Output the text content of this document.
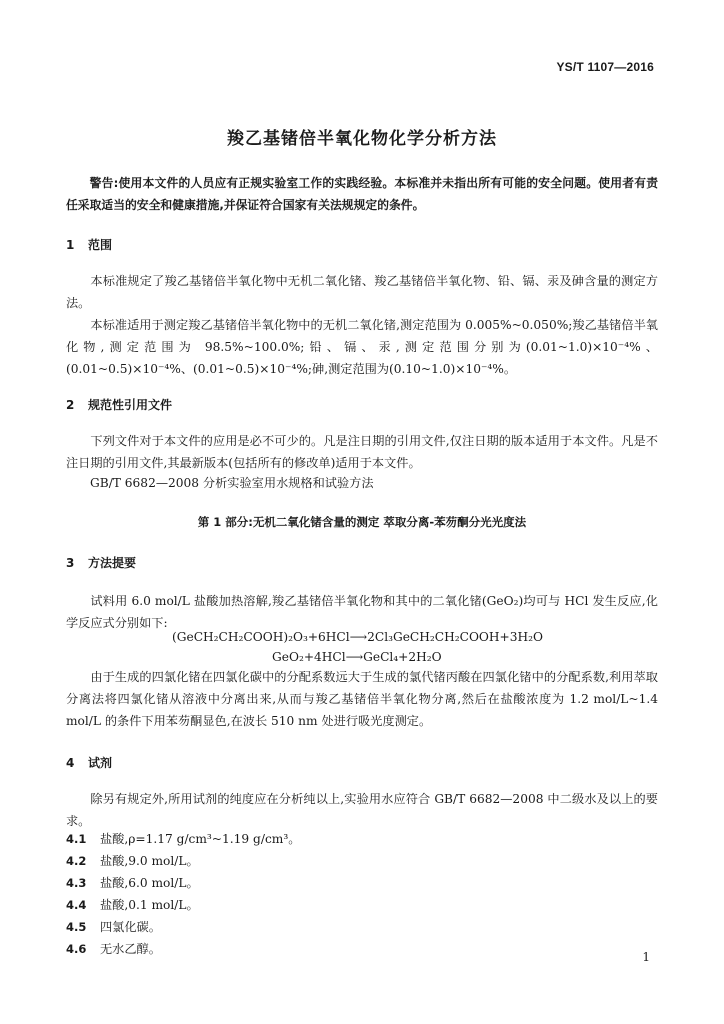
YS/T 1107—2016
羧乙基锗倍半氧化物化学分析方法
警告:使用本文件的人员应有正规实验室工作的实践经验。本标准并未指出所有可能的安全问题。使用者有责任采取适当的安全和健康措施,并保证符合国家有关法规规定的条件。
1 范围
本标准规定了羧乙基锗倍半氧化物中无机二氧化锗、羧乙基锗倍半氧化物、铅、镉、汞及砷含量的测定方法。
本标准适用于测定羧乙基锗倍半氧化物中的无机二氧化锗,测定范围为 0.005%~0.050%;羧乙基锗倍半氧化物,测定范围为 98.5%~100.0%;铅、镉、汞,测定范围分别为(0.01~1.0)×10⁻⁴%、(0.01~0.5)×10⁻⁴%、(0.01~0.5)×10⁻⁴%;砷,测定范围为(0.10~1.0)×10⁻⁴%。
2 规范性引用文件
下列文件对于本文件的应用是必不可少的。凡是注日期的引用文件,仅注日期的版本适用于本文件。凡是不注日期的引用文件,其最新版本(包括所有的修改单)适用于本文件。
GB/T 6682—2008 分析实验室用水规格和试验方法
第 1 部分:无机二氧化锗含量的测定 萃取分离-苯芴酮分光光度法
3 方法提要
试料用 6.0 mol/L 盐酸加热溶解,羧乙基锗倍半氧化物和其中的二氧化锗(GeO₂)均可与 HCl 发生反应,化学反应式分别如下:
(GeCH₂CH₂COOH)₂O₃+6HCl⟶2Cl₃GeCH₂CH₂COOH+3H₂O
GeO₂+4HCl⟶GeCl₄+2H₂O
由于生成的四氯化锗在四氯化碳中的分配系数远大于生成的氯代锗丙酸在四氯化锗中的分配系数,利用萃取分离法将四氯化锗从溶液中分离出来,从而与羧乙基锗倍半氧化物分离,然后在盐酸浓度为 1.2 mol/L~1.4 mol/L 的条件下用苯芴酮显色,在波长 510 nm 处进行吸光度测定。
4 试剂
除另有规定外,所用试剂的纯度应在分析纯以上,实验用水应符合 GB/T 6682—2008 中二级水及以上的要求。
4.1 盐酸,ρ=1.17 g/cm³~1.19 g/cm³。
4.2 盐酸,9.0 mol/L。
4.3 盐酸,6.0 mol/L。
4.4 盐酸,0.1 mol/L。
4.5 四氯化碳。
4.6 无水乙醇。
1
